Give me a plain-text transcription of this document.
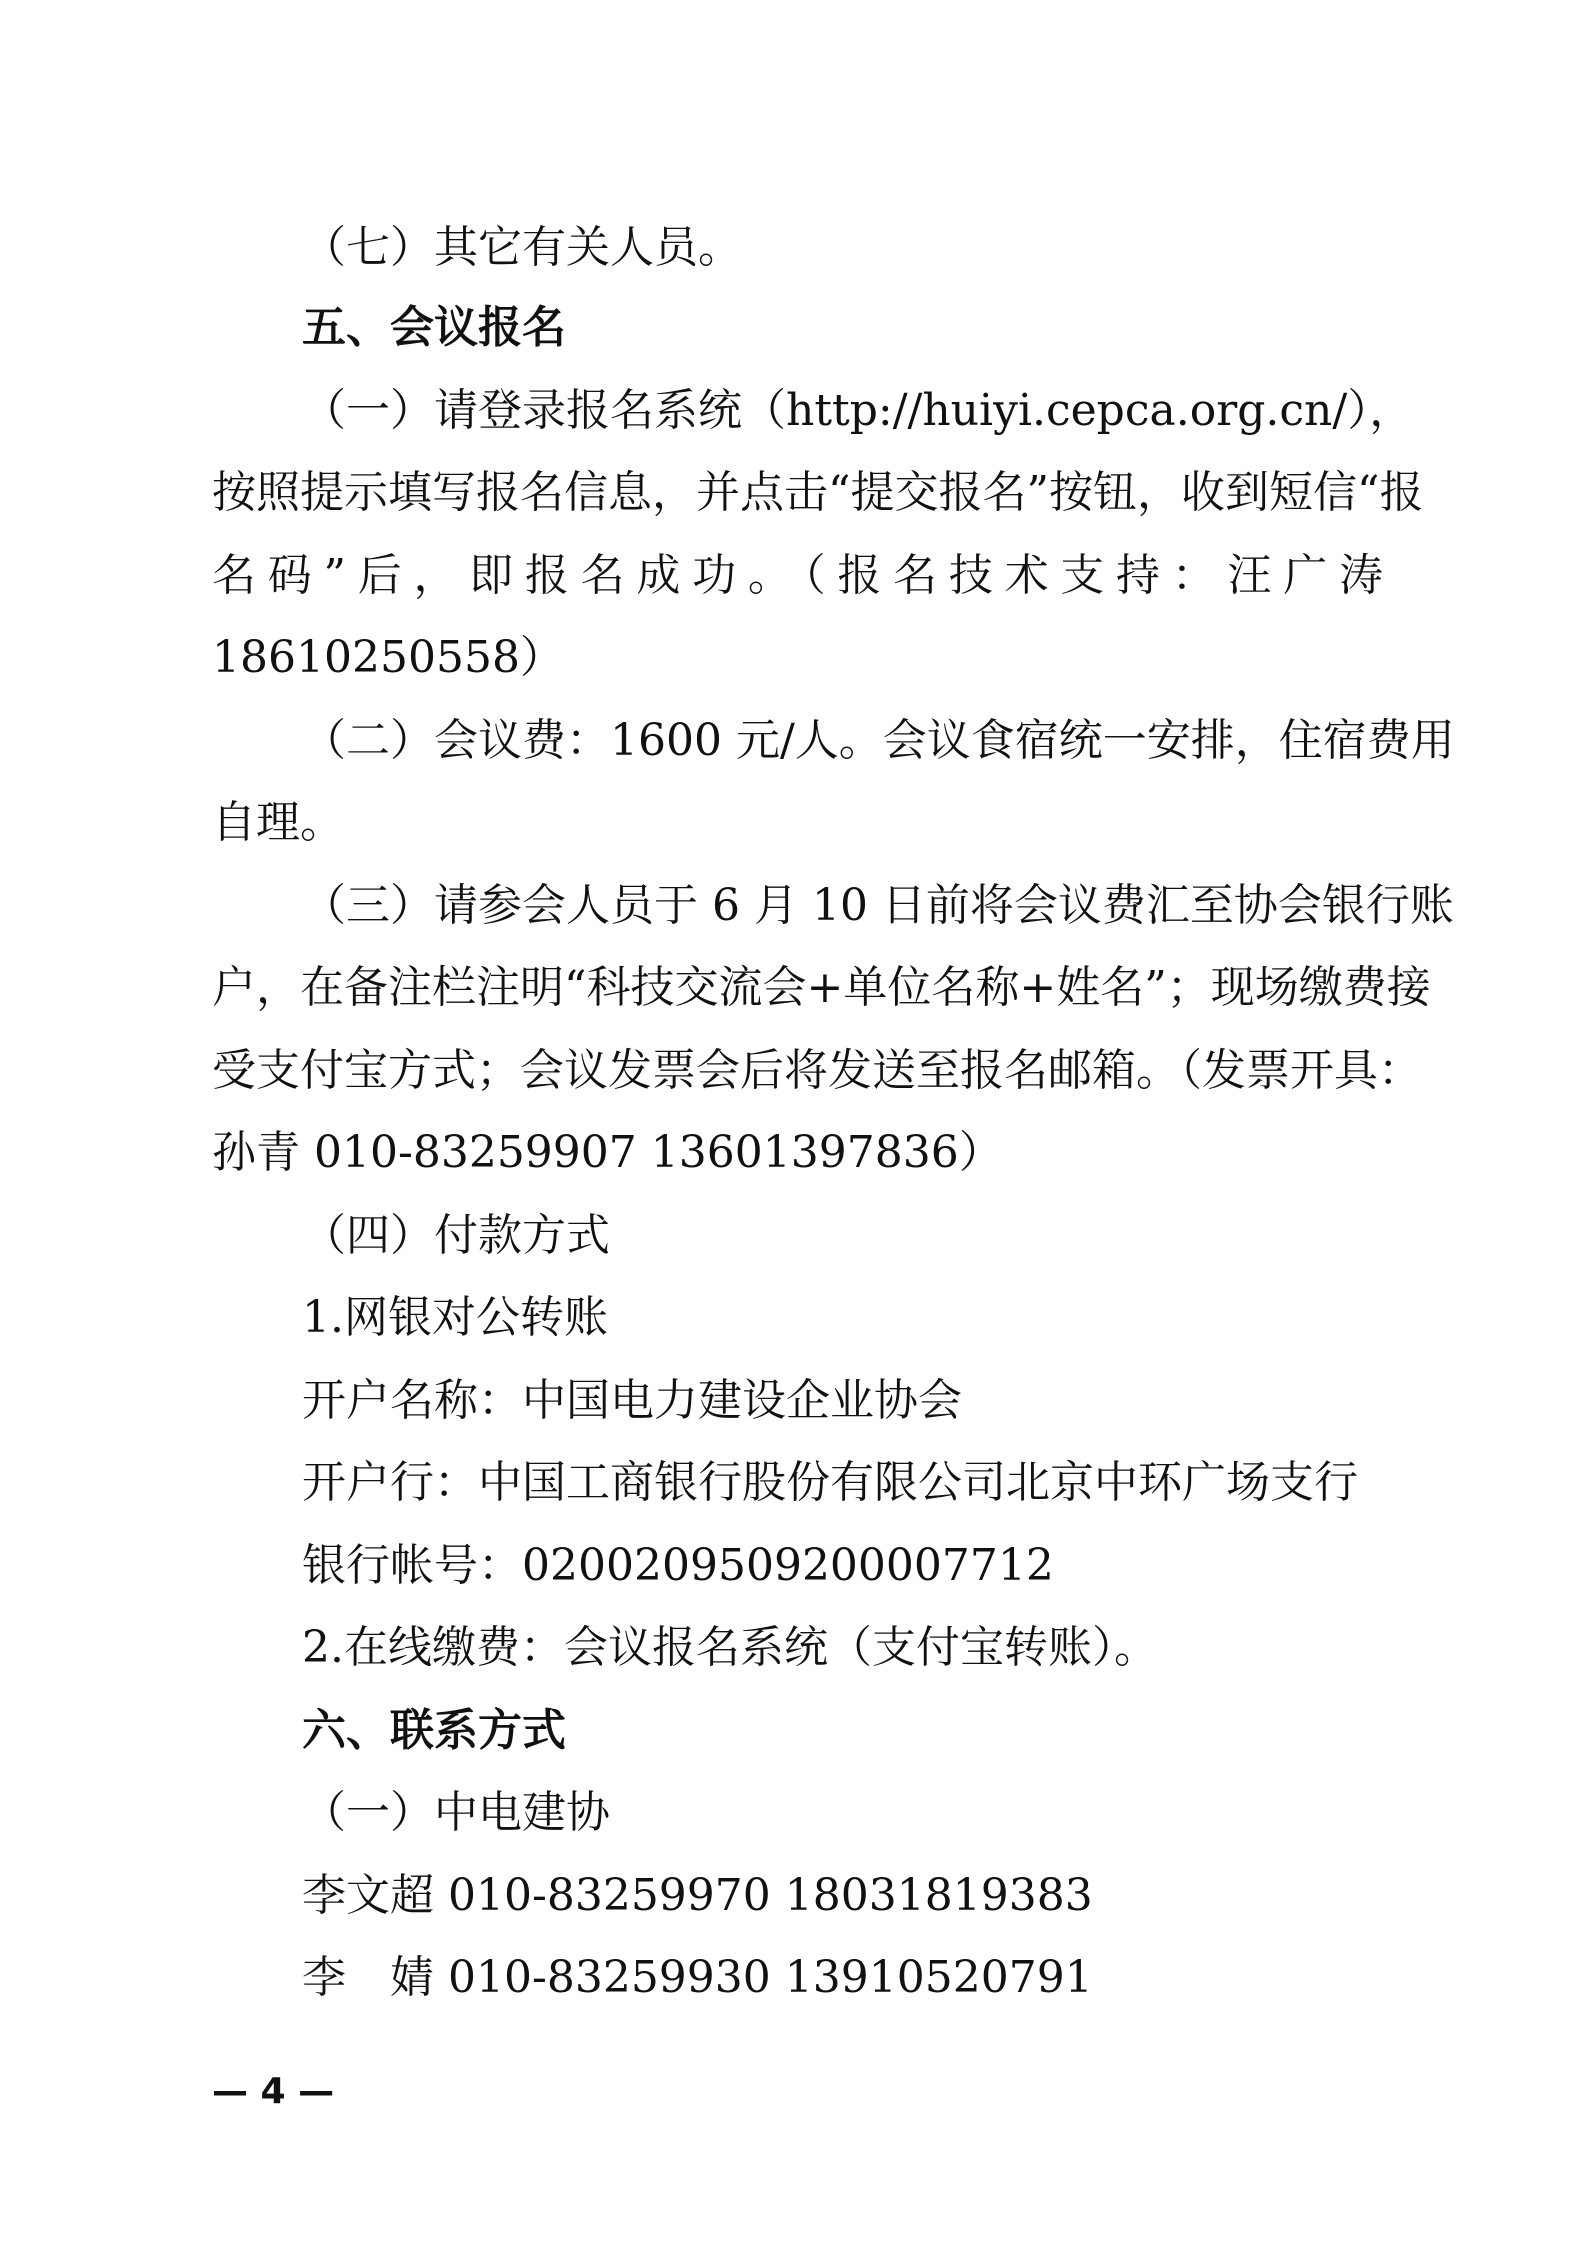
（七）其它有关人员。
五、会议报名
（一）请登录报名系统（http://huiyi.cepca.org.cn/），
按照提示填写报名信息，并点击“提交报名”按钮，收到短信“报
名码”后，即报名成功。（报名技术支持：汪广涛
18610250558）
（二）会议费：1600 元/人。会议食宿统一安排，住宿费用
自理。
（三）请参会人员于 6 月 10 日前将会议费汇至协会银行账
户，在备注栏注明“科技交流会+单位名称+姓名”；现场缴费接
受支付宝方式；会议发票会后将发送至报名邮箱。（发票开具：
孙青 010-83259907 13601397836）
（四）付款方式
1.网银对公转账
开户名称：中国电力建设企业协会
开户行：中国工商银行股份有限公司北京中环广场支行
银行帐号：0200209509200007712
2.在线缴费：会议报名系统（支付宝转账）。
六、联系方式
（一）中电建协
李文超 010-83259970 18031819383
李　婧 010-83259930 13910520791
— 4 —
